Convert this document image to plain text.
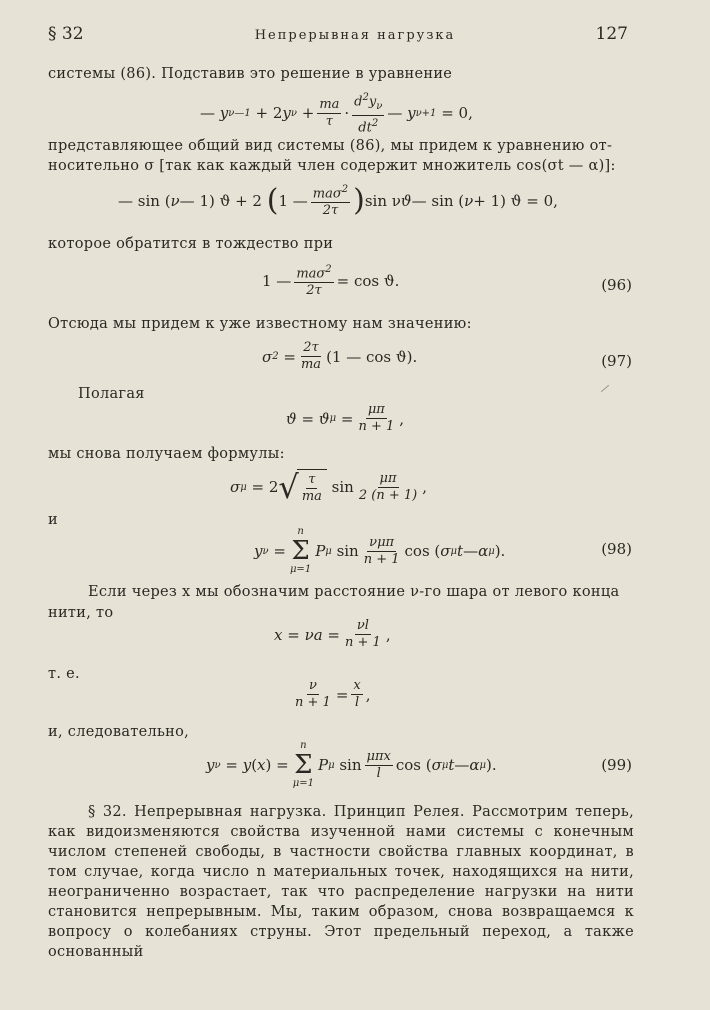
§ 32	Непрерывная нагрузка	127
системы (86). Подставив это решение в уравнение
— y ν—1
+ 2 y ν
+ $\frac{ma}{\tau} \cdot \frac{d^2y_\nu}{dt^2}$ — y ν+1
= 0,
представляющее общий вид системы (86), мы придем к уравнению от-
носительно σ [так как каждый член содержит множитель cos(σt — α)]:
— sin ( ν — 1) ϑ + 2 ( 1 — $\frac{ma\sigma^2}{2\tau}$ ) sin ν ϑ — sin ( ν + 1) ϑ = 0,
которое обратится в тождество при
1 — $\frac{ma\sigma^2}{2\tau} = \cos ϑ$.	(96)
Отсюда мы придем к уже известному нам значению:
σ 2
= $\frac{2\tau}{ma} (1$ — cos ϑ).	(97)
Полагая
ϑ = ϑ μ
= $\frac{\mu\pi}{n + 1}$ ,
мы снова получаем формулы:
σ μ
= 2 √ $\frac{\tau}{ma}$ $\sin \frac{\mu\pi}{2 (n + 1)}$ ,
и
y ν
=
n
Σ
μ=1
P μ
$\sin \frac{\text{νμπ}}{n + 1}$ cos ( σ μ t — α μ ).	(98)
Если через x мы обозначим расстояние ν-го шара от левого конца
нити, то
$x = \nu a = \frac{\nu l}{n + 1}$ ,
т. е.
$\frac{\nu}{n + 1} = \frac{x}{l}$ ,
и, следовательно,
y ν
= y ( x ) =
n
Σ
μ=1
P μ
$\sin \frac{\text{μπx}}{l}$ cos ( σ μ t — α μ ).	(99)
§ 32. Непрерывная нагрузка. Принцип Релея. Рассмотрим теперь, как видоизменяются свойства изученной нами системы с конечным числом степеней свободы, в частности свойства главных координат, в том случае, когда число n материальных точек, находящихся на нити, неограниченно возрастает, так что распределение нагрузки на нити становится непрерывным. Мы, таким образом, снова возвращаемся к вопросу о колебаниях струны. Этот предельный переход, а также основанный
